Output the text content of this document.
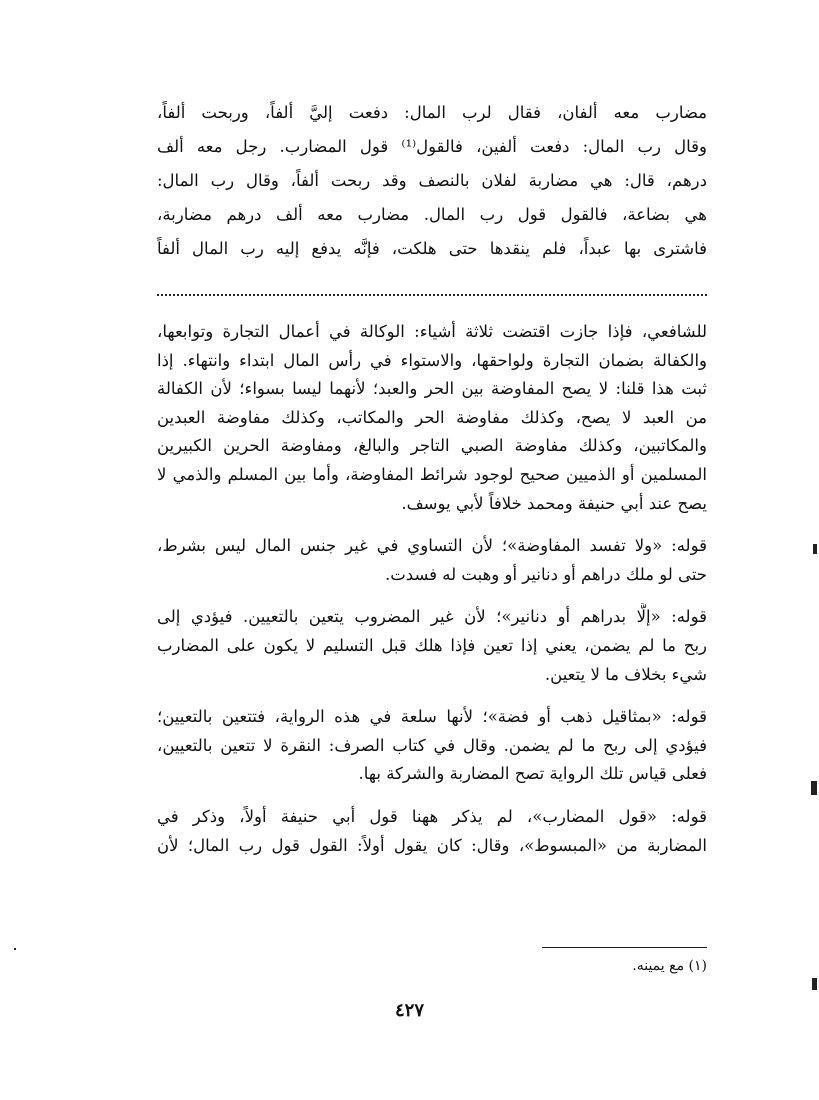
مضارب معه ألفان، فقال لرب المال: دفعت إليَّ ألفاً، وربحت ألفاً،
وقال رب المال: دفعت ألفين، فالقول⁽¹⁾ قول المضارب. رجل معه ألف
درهم، قال: هي مضاربة لفلان بالنصف وقد ربحت ألفاً، وقال رب المال:
هي بضاعة، فالقول قول رب المال. مضارب معه ألف درهم مضاربة،
فاشترى بها عبداً، فلم ينقدها حتى هلكت، فإنَّه يدفع إليه رب المال ألفاً
للشافعي، فإذا جازت اقتضت ثلاثة أشياء: الوكالة في أعمال التجارة وتوابعها،
والكفالة بضمان التجارة ولواحقها، والاستواء في رأس المال ابتداء وانتهاء. إذا
ثبت هذا قلنا: لا يصح المفاوضة بين الحر والعبد؛ لأنهما ليسا بسواء؛ لأن الكفالة
من العبد لا يصح، وكذلك مفاوضة الحر والمكاتب، وكذلك مفاوضة العبدين
والمكاتبين، وكذلك مفاوضة الصبي التاجر والبالغ، ومفاوضة الحرين الكبيرين
المسلمين أو الذميين صحيح لوجود شرائط المفاوضة، وأما بين المسلم والذمي لا
يصح عند أبي حنيفة ومحمد خلافاً لأبي يوسف.
قوله: «ولا تفسد المفاوضة»؛ لأن التساوي في غير جنس المال ليس بشرط،
حتى لو ملك دراهم أو دنانير أو وهبت له فسدت.
قوله: «إلَّا بدراهم أو دنانير»؛ لأن غير المضروب يتعين بالتعيين. فيؤدي إلى
ربح ما لم يضمن، يعني إذا تعين فإذا هلك قبل التسليم لا يكون على المضارب
شيء بخلاف ما لا يتعين.
قوله: «بمثاقيل ذهب أو فضة»؛ لأنها سلعة في هذه الرواية، فتتعين بالتعيين؛
فيؤدي إلى ربح ما لم يضمن. وقال في كتاب الصرف: النقرة لا تتعين بالتعيين،
فعلى قياس تلك الرواية تصح المضاربة والشركة بها.
قوله: «قول المضارب»، لم يذكر ههنا قول أبي حنيفة أولاً، وذكر في
المضاربة من «المبسوط»، وقال: كان يقول أولاً: القول قول رب المال؛ لأن
(١) مع يمينه.
٤٢٧
